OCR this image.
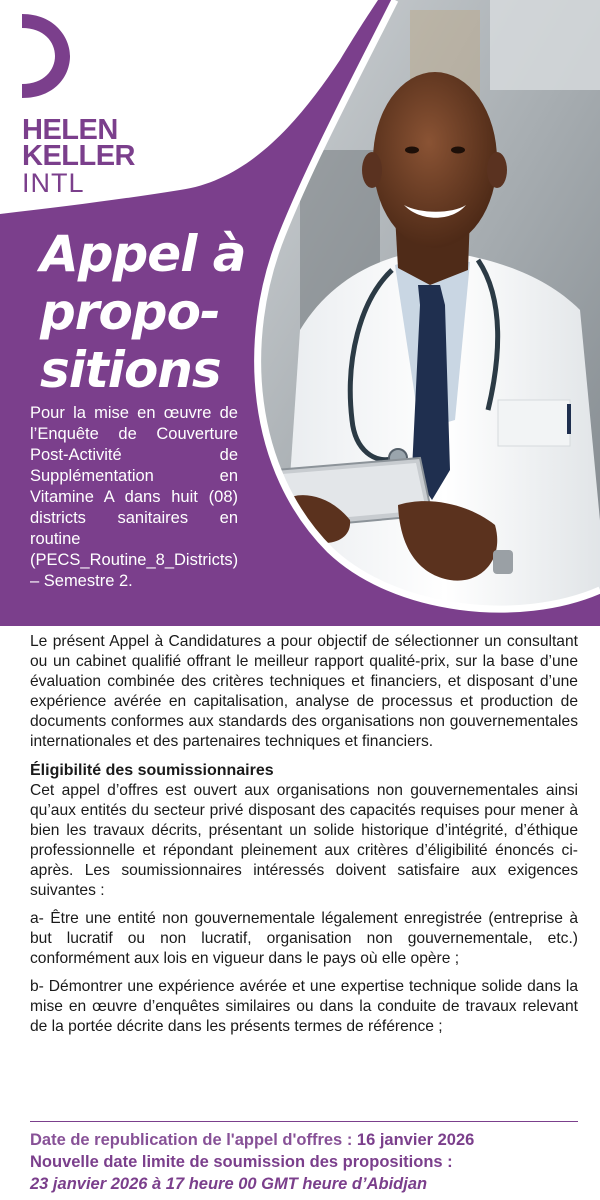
HELEN
KELLER
INTL
Appel à
propo-
sitions
Pour la mise en œuvre de l’Enquête de Couverture Post-Activité de Supplémentation en Vitamine A dans huit (08) districts sanitaires en routine (PECS_Routine_8_Districts) – Semestre 2.

Le présent Appel à Candidatures a pour objectif de sélectionner un consultant ou un cabinet qualifié offrant le meilleur rapport qualité-prix, sur la base d’une évaluation combinée des critères techniques et financiers, et disposant d’une expérience avérée en capitalisation, analyse de processus et production de documents conformes aux standards des organisations non gouvernementales internationales et des partenaires techniques et financiers.

Éligibilité des soumissionnaires

Cet appel d’offres est ouvert aux organisations non gouvernementales ainsi qu’aux entités du secteur privé disposant des capacités requises pour mener à bien les travaux décrits, présentant un solide historique d’intégrité, d’éthique professionnelle et répondant pleinement aux critères d’éligibilité énoncés ci-après. Les soumissionnaires intéressés doivent satisfaire aux exigences suivantes :

a- Être une entité non gouvernementale légalement enregistrée (entreprise à but lucratif ou non lucratif, organisation non gouvernementale, etc.) conformément aux lois en vigueur dans le pays où elle opère ;

b- Démontrer une expérience avérée et une expertise technique solide dans la mise en œuvre d’enquêtes similaires ou dans la conduite de travaux relevant de la portée décrite dans les présents termes de référence ;

Date de republication de l'appel d'offres : 16 janvier 2026
Nouvelle date limite de soumission des propositions :
23 janvier 2026 à 17 heure 00 GMT heure d’Abidjan
